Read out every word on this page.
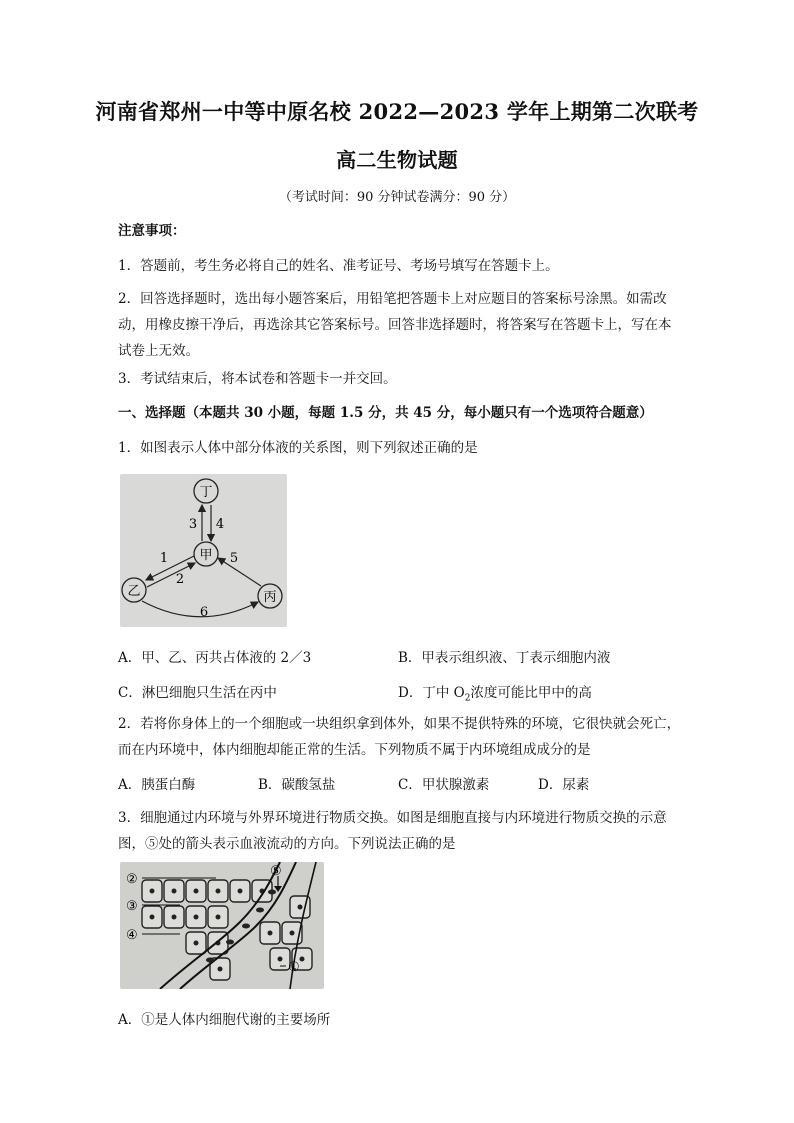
河南省郑州一中等中原名校 2022—2023 学年上期第二次联考
高二生物试题
（考试时间：90 分钟试卷满分：90 分）
注意事项：
1．答题前，考生务必将自己的姓名、准考证号、考场号填写在答题卡上。
2．回答选择题时，选出每小题答案后，用铅笔把答题卡上对应题目的答案标号涂黑。如需改动，用橡皮擦干净后，再选涂其它答案标号。回答非选择题时，将答案写在答题卡上，写在本试卷上无效。
3．考试结束后，将本试卷和答题卡一并交回。
一、选择题（本题共 30 小题，每题 1.5 分，共 45 分，每小题只有一个选项符合题意）
1．如图表示人体中部分体液的关系图，则下列叙述正确的是
丁
甲
乙	丙
3 4
1
2
5
6
A．甲、乙、丙共占体液的 2／3	B．甲表示组织液、丁表示细胞内液
C．淋巴细胞只生活在丙中	D．丁中 $O_2$浓度可能比甲中的高
2．若将你身体上的一个细胞或一块组织拿到体外，如果不提供特殊的环境，它很快就会死亡，而在内环境中，体内细胞却能正常的生活。下列物质不属于内环境组成成分的是
A．胰蛋白酶	B．碳酸氢盐	C．甲状腺激素	D．尿素
3．细胞通过内环境与外界环境进行物质交换。如图是细胞直接与内环境进行物质交换的示意图，⑤处的箭头表示血液流动的方向。下列说法正确的是
②
⑤
③
④
①
A．①是人体内细胞代谢的主要场所
